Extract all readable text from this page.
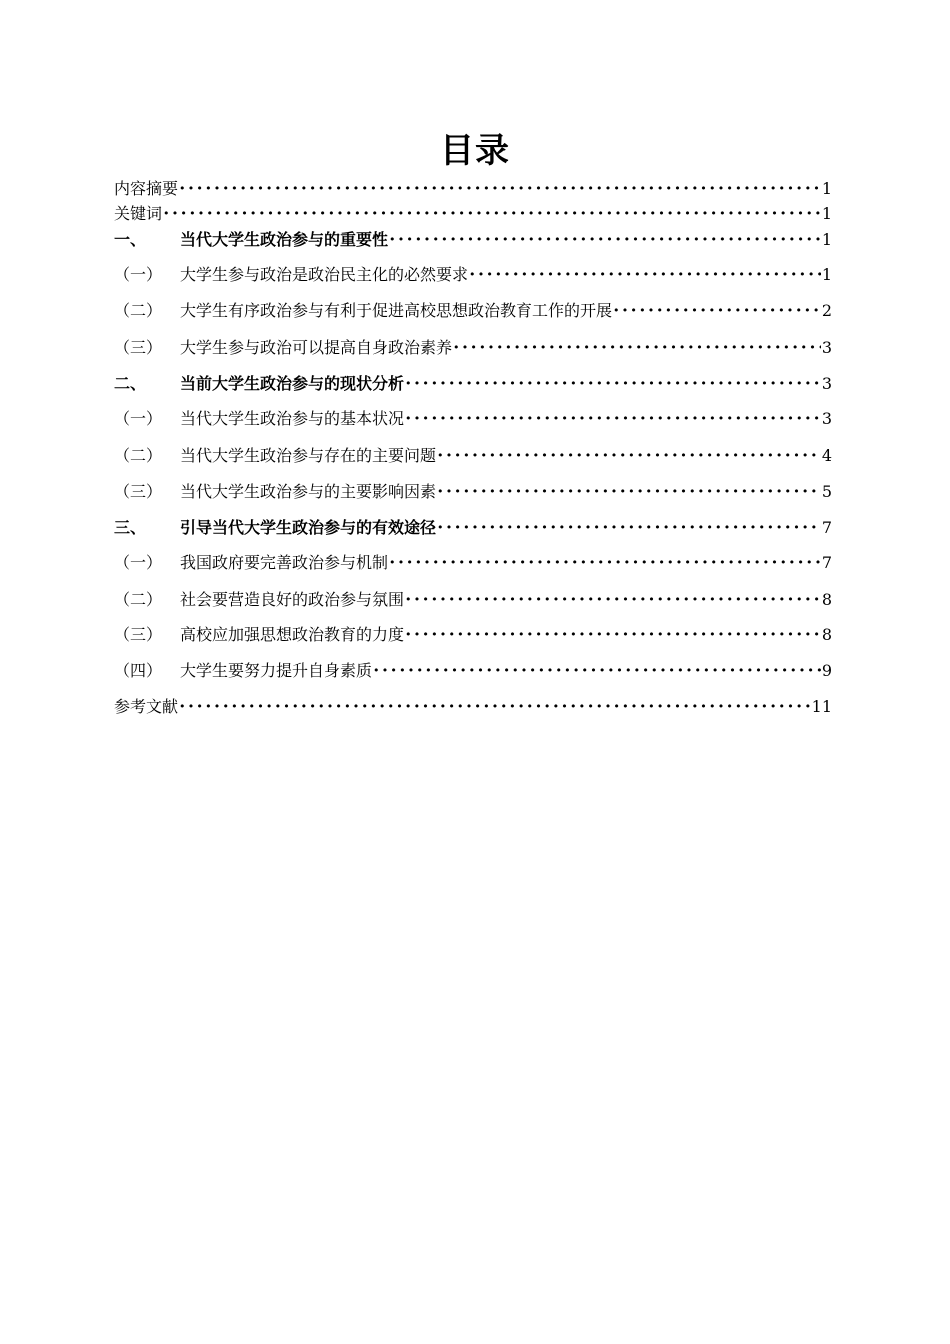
目录
内容摘要 •••••	1
关键词 •••••	1
一、	当代大学生政治参与的重要性 •••••	1
（一）	大学生参与政治是政治民主化的必然要求 •••••	1
（二）	大学生有序政治参与有利于促进高校思想政治教育工作的开展 •••••	2
（三）	大学生参与政治可以提高自身政治素养 •••••	3
二、	当前大学生政治参与的现状分析 •••••	3
（一）	当代大学生政治参与的基本状况 •••••	3
（二）	当代大学生政治参与存在的主要问题 •••••	4
（三）	当代大学生政治参与的主要影响因素 •••••	5
三、	引导当代大学生政治参与的有效途径 •••••	7
（一）	我国政府要完善政治参与机制 •••••	7
（二）	社会要营造良好的政治参与氛围 •••••	8
（三）	高校应加强思想政治教育的力度 •••••	8
（四）	大学生要努力提升自身素质 •••••	9
参考文献 •••••	11
